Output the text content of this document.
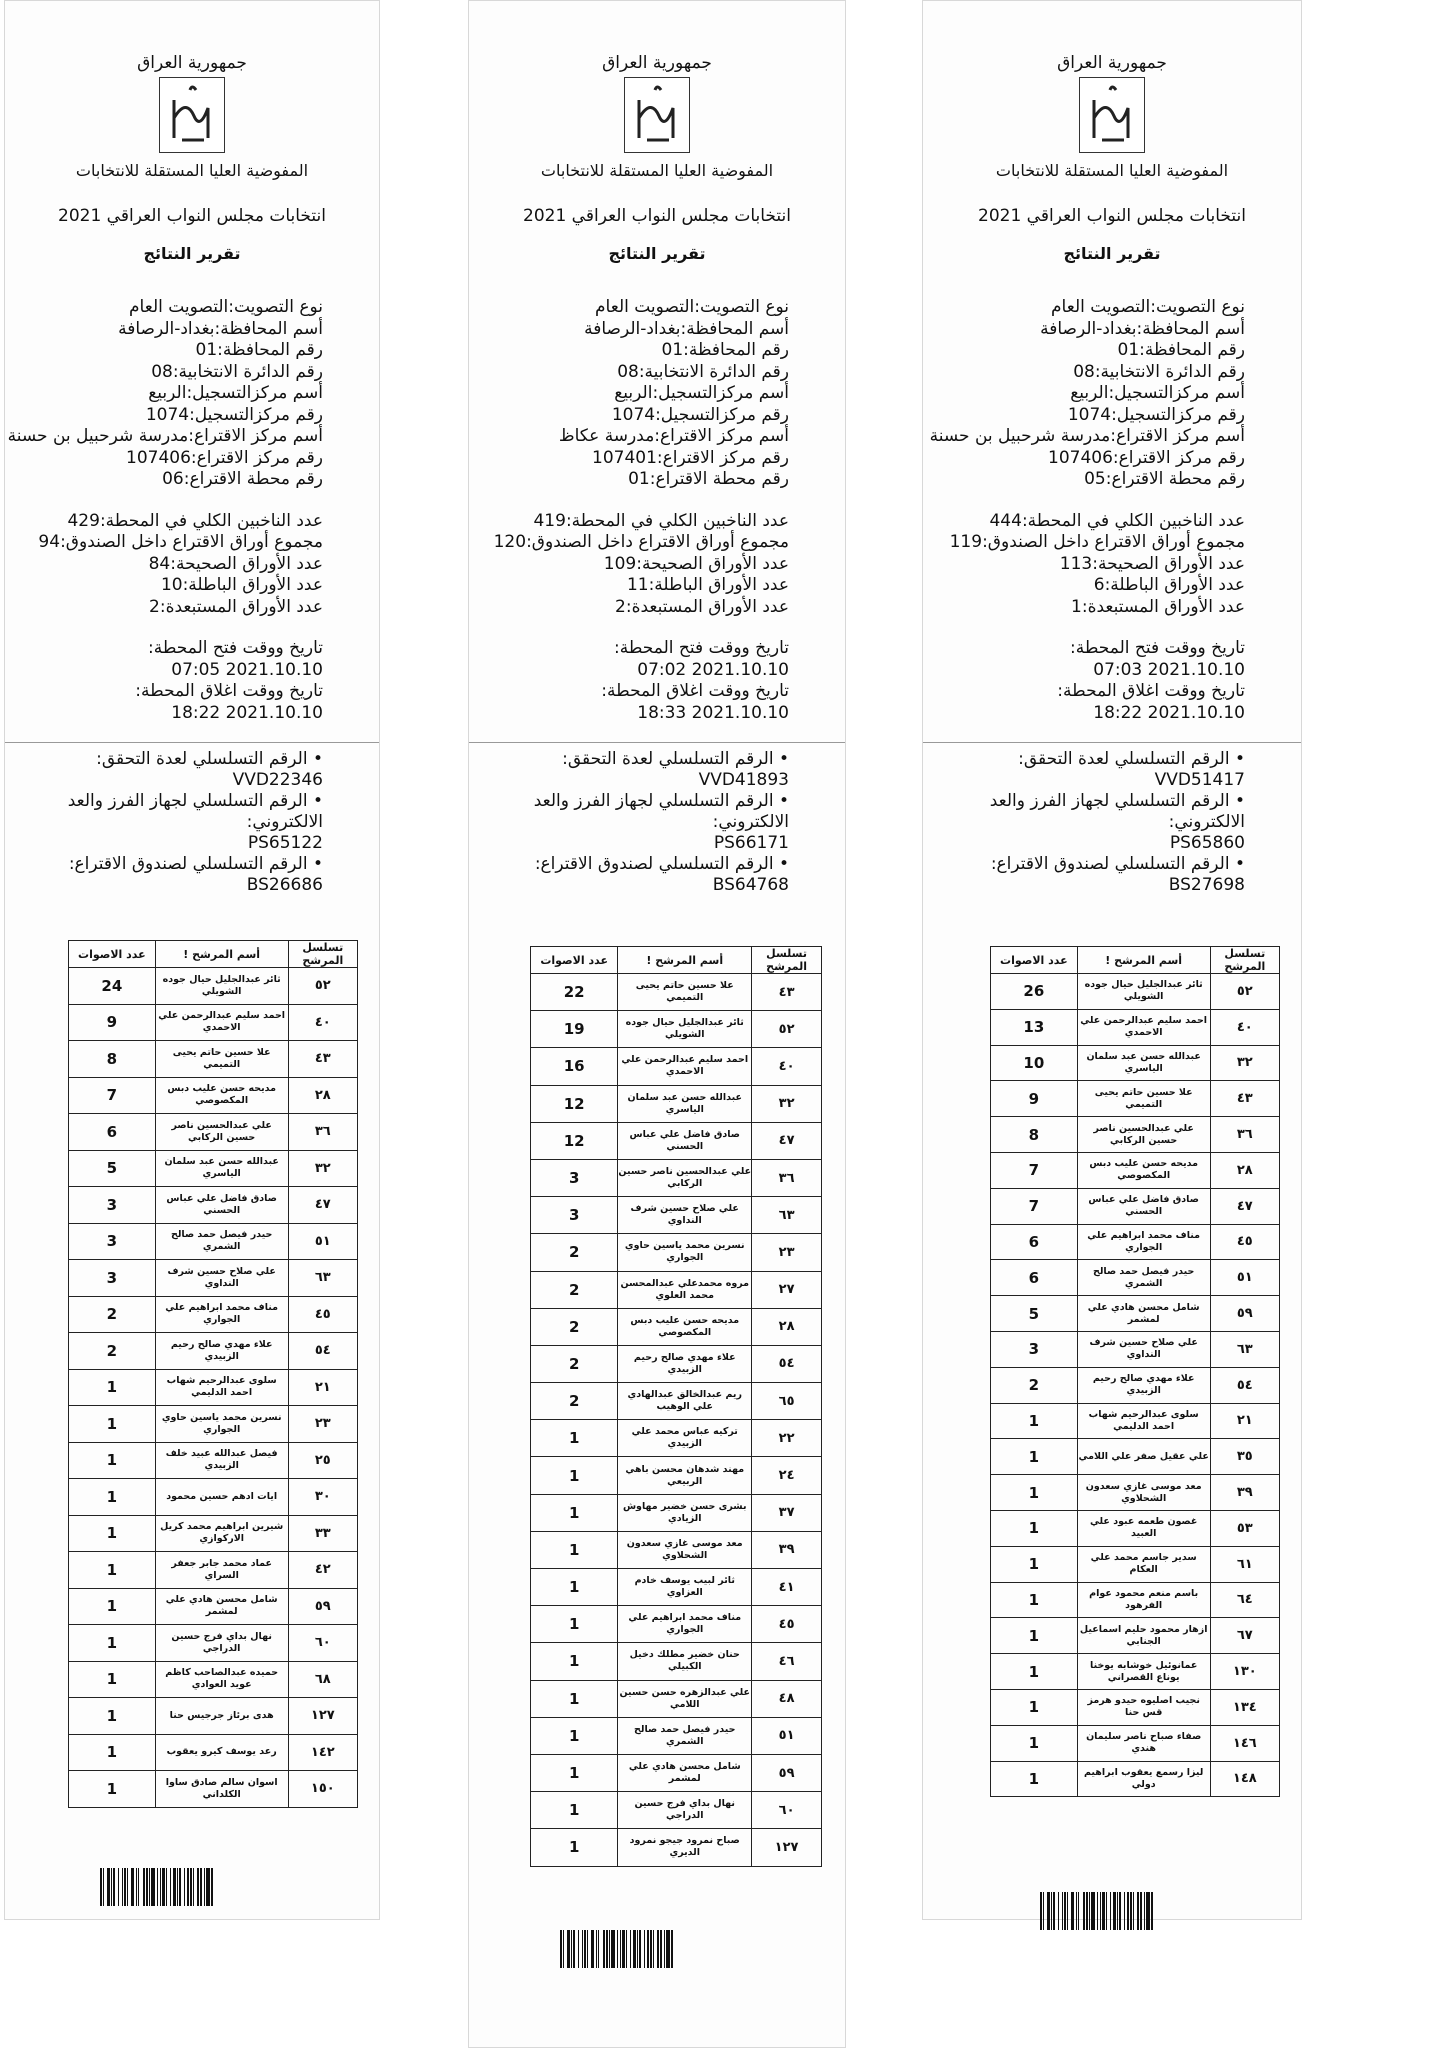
جمهورية العراق
المفوضية العليا المستقلة للانتخابات
انتخابات مجلس النواب العراقي 2021
تقرير النتائج
نوع التصويت:التصويت العام
أسم المحافظة:بغداد-الرصافة
رقم المحافظة:01
رقم الدائرة الانتخابية:08
أسم مركزالتسجيل:الربيع
رقم مركزالتسجيل:1074
أسم مركز الاقتراع:مدرسة شرحبيل بن حسنة
رقم مركز الاقتراع:107406
رقم محطة الاقتراع:06
عدد الناخبين الكلي في المحطة:429
مجموع أوراق الاقتراع داخل الصندوق:94
عدد الأوراق الصحيحة:84
عدد الأوراق الباطلة:10
عدد الأوراق المستبعدة:2
تاريخ ووقت فتح المحطة:
2021.10.10 07:05
تاريخ ووقت اغلاق المحطة:
2021.10.10 18:22
• الرقم التسلسلي لعدة التحقق:
VVD22346
• الرقم التسلسلي لجهاز الفرز والعد الالكتروني:
PS65122
• الرقم التسلسلي لصندوق الاقتراع:
BS26686
جمهورية العراق
المفوضية العليا المستقلة للانتخابات
انتخابات مجلس النواب العراقي 2021
تقرير النتائج
نوع التصويت:التصويت العام
أسم المحافظة:بغداد-الرصافة
رقم المحافظة:01
رقم الدائرة الانتخابية:08
أسم مركزالتسجيل:الربيع
رقم مركزالتسجيل:1074
أسم مركز الاقتراع:مدرسة عكاظ
رقم مركز الاقتراع:107401
رقم محطة الاقتراع:01
عدد الناخبين الكلي في المحطة:419
مجموع أوراق الاقتراع داخل الصندوق:120
عدد الأوراق الصحيحة:109
عدد الأوراق الباطلة:11
عدد الأوراق المستبعدة:2
تاريخ ووقت فتح المحطة:
2021.10.10 07:02
تاريخ ووقت اغلاق المحطة:
2021.10.10 18:33
• الرقم التسلسلي لعدة التحقق:
VVD41893
• الرقم التسلسلي لجهاز الفرز والعد الالكتروني:
PS66171
• الرقم التسلسلي لصندوق الاقتراع:
BS64768
جمهورية العراق
المفوضية العليا المستقلة للانتخابات
انتخابات مجلس النواب العراقي 2021
تقرير النتائج
نوع التصويت:التصويت العام
أسم المحافظة:بغداد-الرصافة
رقم المحافظة:01
رقم الدائرة الانتخابية:08
أسم مركزالتسجيل:الربيع
رقم مركزالتسجيل:1074
أسم مركز الاقتراع:مدرسة شرحبيل بن حسنة
رقم مركز الاقتراع:107406
رقم محطة الاقتراع:05
عدد الناخبين الكلي في المحطة:444
مجموع أوراق الاقتراع داخل الصندوق:119
عدد الأوراق الصحيحة:113
عدد الأوراق الباطلة:6
عدد الأوراق المستبعدة:1
تاريخ ووقت فتح المحطة:
2021.10.10 07:03
تاريخ ووقت اغلاق المحطة:
2021.10.10 18:22
• الرقم التسلسلي لعدة التحقق:
VVD51417
• الرقم التسلسلي لجهاز الفرز والعد الالكتروني:
PS65860
• الرقم التسلسلي لصندوق الاقتراع:
BS27698
تسلسل المرشح	أسم المرشح !	عدد الاصوات
٥٢	ثائر عبدالجليل حيال جوده الشويلي	24
٤٠	احمد سليم عبدالرحمن علي الاحمدي	9
٤٣	علا حسين حاتم يحيى التميمي	8
٢٨	مديحه حسن عليب دبس المكصوصي	7
٣٦	علي عبدالحسين ناصر حسين الركابي	6
٣٢	عبدالله حسن عبد سلمان الياسري	5
٤٧	صادق فاضل علي عباس الحسني	3
٥١	حيدر فيصل حمد صالح الشمري	3
٦٣	علي صلاح حسين شرف النداوي	3
٤٥	مناف محمد ابراهيم علي الجواري	2
٥٤	علاء مهدي صالح رحيم الزبيدي	2
٢١	سلوى عبدالرحيم شهاب احمد الدليمي	1
٢٣	نسرين محمد ياسين حاوي الجواري	1
٢٥	فيصل عبدالله عبيد خلف الزبيدي	1
٣٠	ايات ادهم حسين محمود	1
٣٣	شيرين ابراهيم محمد كريل الاركوازي	1
٤٢	عماد محمد جابر جعفر السراي	1
٥٩	شامل محسن هادي علي لمشمر	1
٦٠	نهال بداي فرج حسين الدراجي	1
٦٨	حميده عبدالصاحب كاظم عويد العوادي	1
١٢٧	هدى برئاز جرجيس حنا	1
١٤٢	رعد يوسف كيرو يعقوب	1
١٥٠	اسوان سالم صادق ساوا الكلداني	1
تسلسل المرشح	أسم المرشح !	عدد الاصوات
٤٣	علا حسين حاتم يحيى التميمي	22
٥٢	ثائر عبدالجليل حيال جوده الشويلي	19
٤٠	احمد سليم عبدالرحمن علي الاحمدي	16
٣٢	عبدالله حسن عبد سلمان الياسري	12
٤٧	صادق فاضل علي عباس الحسني	12
٣٦	علي عبدالحسين ناصر حسين الركابي	3
٦٣	علي صلاح حسين شرف النداوي	3
٢٣	نسرين محمد ياسين حاوي الجواري	2
٢٧	مروه محمدعلي عبدالمحسن محمد العلوي	2
٢٨	مديحه حسن عليب دبس المكصوصي	2
٥٤	علاء مهدي صالح رحيم الزبيدي	2
٦٥	ريم عبدالخالق عبدالهادي علي الوهيب	2
٢٢	تركيه عباس محمد علي الزبيدي	1
٢٤	مهند شدهان محسن باهي الربيعي	1
٣٧	بشرى حسن خضير مهاوش الزيادي	1
٣٩	معد موسى غازي سعدون الشحلاوي	1
٤١	ثائر لبيب يوسف خادم العزاوي	1
٤٥	مناف محمد ابراهيم علي الجواري	1
٤٦	حنان خضير مطلك دخيل الكبيلي	1
٤٨	علي عبدالزهره حسن حسين اللامي	1
٥١	حيدر فيصل حمد صالح الشمري	1
٥٩	شامل محسن هادي علي لمشمر	1
٦٠	نهال بداي فرج حسين الدراجي	1
١٢٧	صباح نمرود جيجو نمرود الديري	1
تسلسل المرشح	أسم المرشح !	عدد الاصوات
٥٢	ثائر عبدالجليل حيال جوده الشويلي	26
٤٠	احمد سليم عبدالرحمن علي الاحمدي	13
٣٢	عبدالله حسن عبد سلمان الياسري	10
٤٣	علا حسين حاتم يحيى التميمي	9
٣٦	علي عبدالحسين ناصر حسين الركابي	8
٢٨	مديحه حسن عليب دبس المكصوصي	7
٤٧	صادق فاضل علي عباس الحسني	7
٤٥	مناف محمد ابراهيم علي الجواري	6
٥١	حيدر فيصل حمد صالح الشمري	6
٥٩	شامل محسن هادي علي لمشمر	5
٦٣	علي صلاح حسين شرف النداوي	3
٥٤	علاء مهدي صالح رحيم الزبيدي	2
٢١	سلوى عبدالرحيم شهاب احمد الدليمي	1
٣٥	علي عقيل صفر علي اللامي	1
٣٩	معد موسى غازي سعدون الشحلاوي	1
٥٣	غصون طعمه عبود علي العبيد	1
٦١	سدير جاسم محمد علي العكام	1
٦٤	باسم منعم محمود عوام الفرهود	1
٦٧	ازهار محمود حليم اسماعيل الجنابي	1
١٣٠	عمانوئيل خوشابه يوخنا يوناع القصراني	1
١٣٤	نجيب اصليوه حيدو هرمز قس حنا	1
١٤٦	صفاء صباح ناصر سليمان هندي	1
١٤٨	ليزا رسمع يعقوب ابراهيم دولي	1
